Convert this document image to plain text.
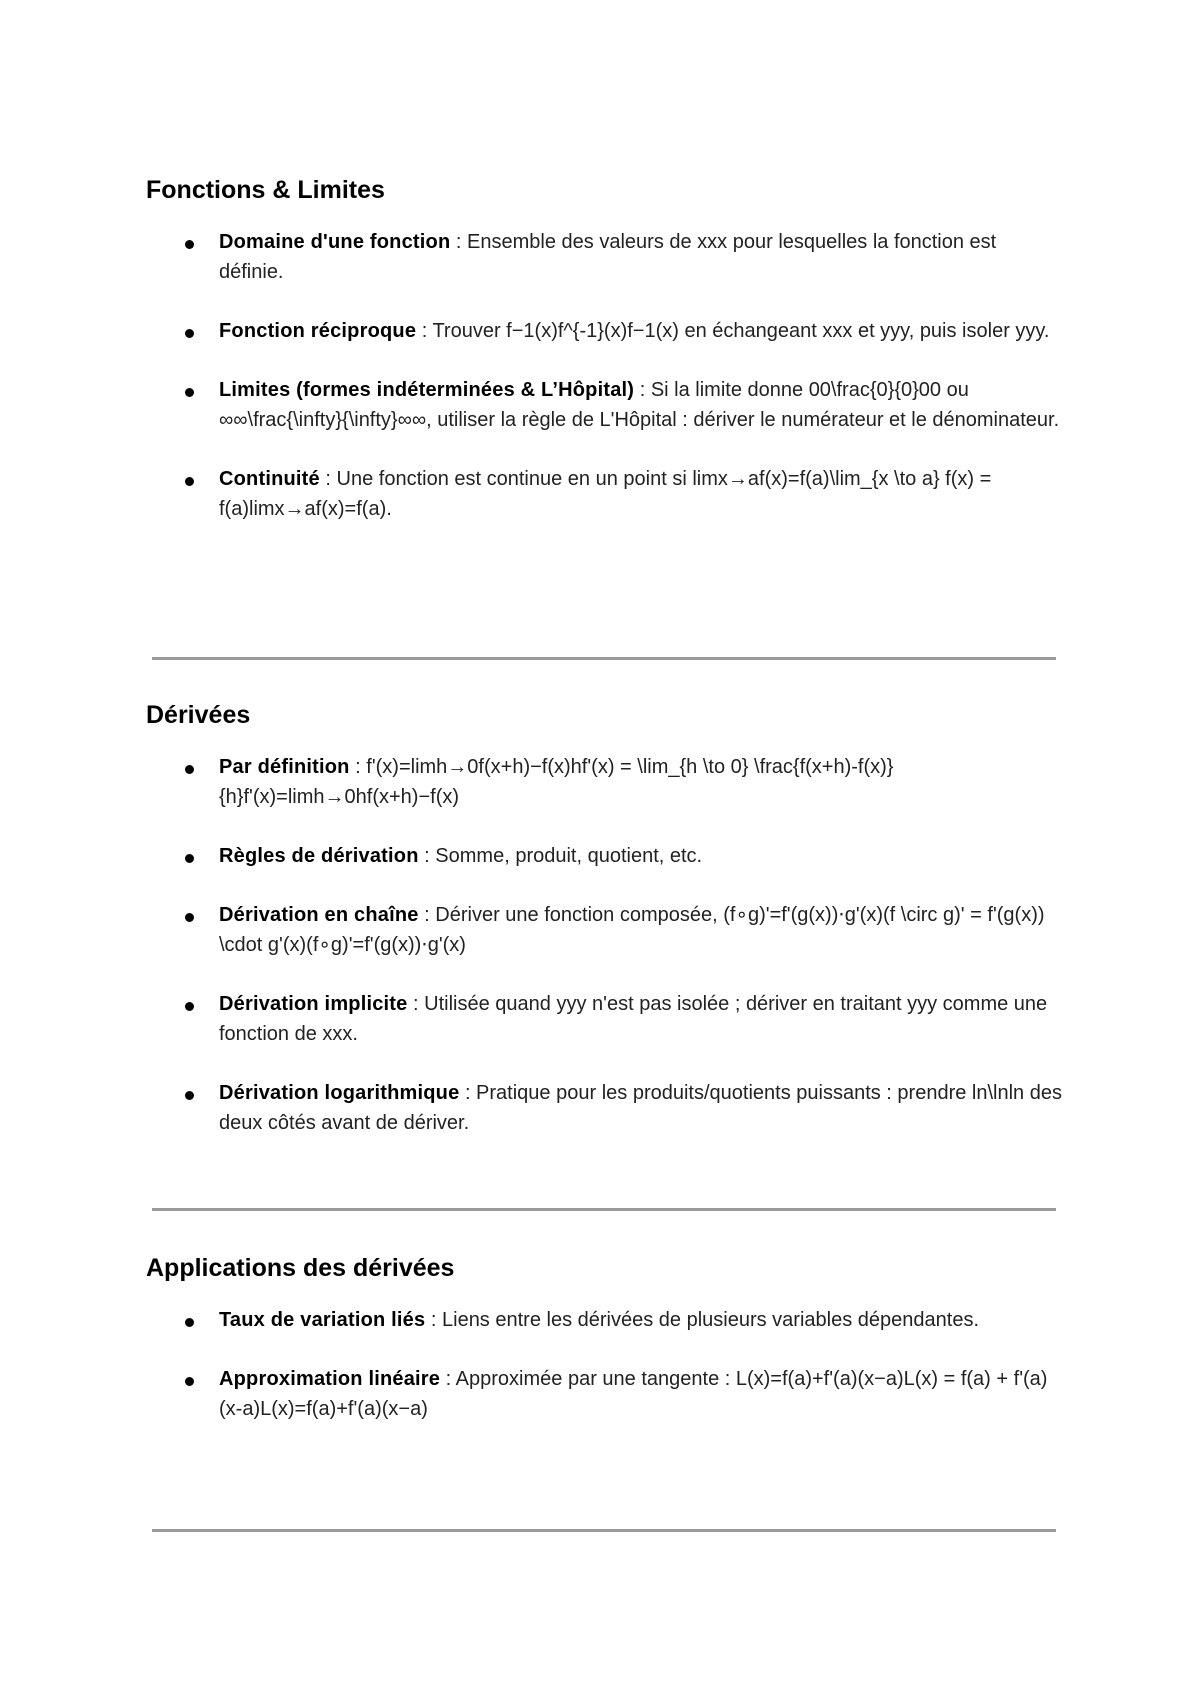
Fonctions & Limites
Domaine d'une fonction : Ensemble des valeurs de xxx pour lesquelles la fonction est définie.
Fonction réciproque : Trouver f−1(x)f^{-1}(x)f−1(x) en échangeant xxx et yyy, puis isoler yyy.
Limites (formes indéterminées & L’Hôpital) : Si la limite donne 00\frac{0}{0}00 ou ∞∞\frac{\infty}{\infty}∞∞, utiliser la règle de L'Hôpital : dériver le numérateur et le dénominateur.
Continuité : Une fonction est continue en un point si limx→af(x)=f(a)\lim_{x \to a} f(x) = f(a)limx→af(x)=f(a).
Dérivées
Par définition : f'(x)=limh→0f(x+h)−f(x)hf'(x) = \lim_{h \to 0} \frac{f(x+h)-f(x)}{h}f'(x)=limh→0hf(x+h)−f(x)
Règles de dérivation : Somme, produit, quotient, etc.
Dérivation en chaîne : Dériver une fonction composée, (f∘g)'=f'(g(x))⋅g'(x)(f \circ g)' = f'(g(x)) \cdot g'(x)(f∘g)'=f'(g(x))⋅g'(x)
Dérivation implicite : Utilisée quand yyy n'est pas isolée ; dériver en traitant yyy comme une fonction de xxx.
Dérivation logarithmique : Pratique pour les produits/quotients puissants : prendre ln\lnln des deux côtés avant de dériver.
Applications des dérivées
Taux de variation liés : Liens entre les dérivées de plusieurs variables dépendantes.
Approximation linéaire : Approximée par une tangente : L(x)=f(a)+f'(a)(x−a)L(x) = f(a) + f'(a)(x-a)L(x)=f(a)+f'(a)(x−a)
